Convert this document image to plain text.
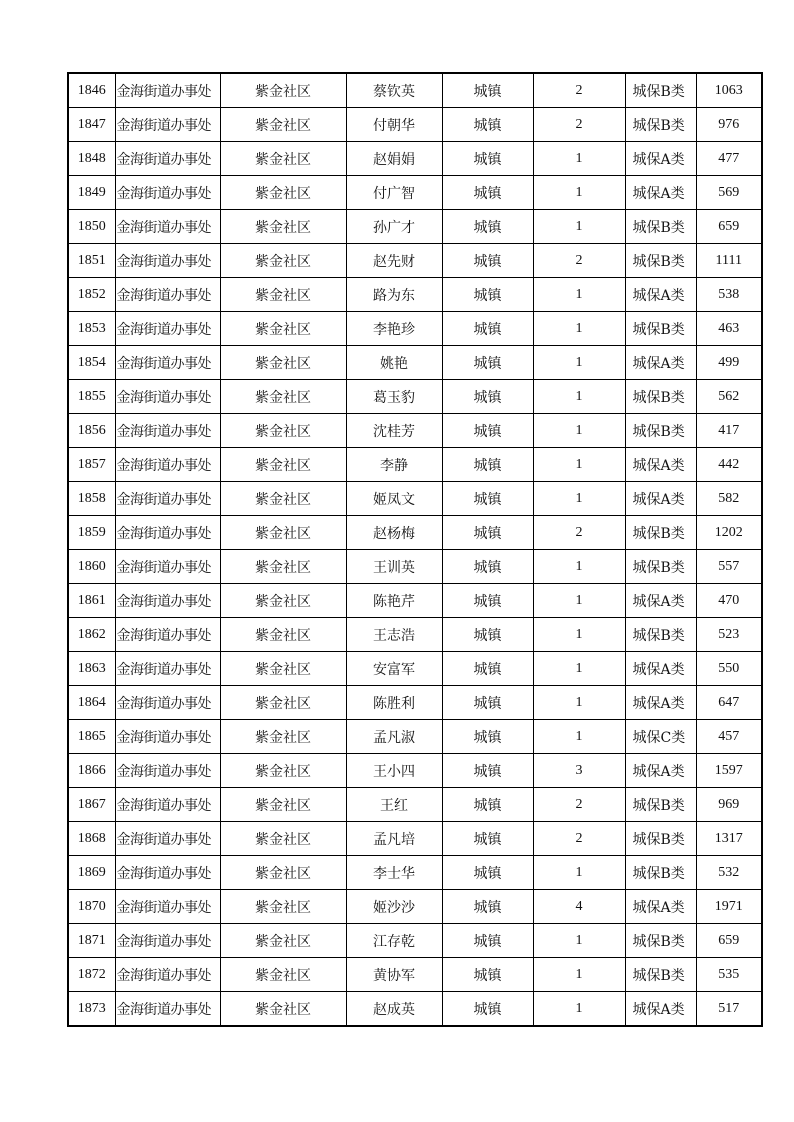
1846	金海街道办事处	紫金社区	蔡钦英	城镇	2	城保B类	1063
1847	金海街道办事处	紫金社区	付朝华	城镇	2	城保B类	976
1848	金海街道办事处	紫金社区	赵娟娟	城镇	1	城保A类	477
1849	金海街道办事处	紫金社区	付广智	城镇	1	城保A类	569
1850	金海街道办事处	紫金社区	孙广才	城镇	1	城保B类	659
1851	金海街道办事处	紫金社区	赵先财	城镇	2	城保B类	1111
1852	金海街道办事处	紫金社区	路为东	城镇	1	城保A类	538
1853	金海街道办事处	紫金社区	李艳珍	城镇	1	城保B类	463
1854	金海街道办事处	紫金社区	姚艳	城镇	1	城保A类	499
1855	金海街道办事处	紫金社区	葛玉豹	城镇	1	城保B类	562
1856	金海街道办事处	紫金社区	沈桂芳	城镇	1	城保B类	417
1857	金海街道办事处	紫金社区	李静	城镇	1	城保A类	442
1858	金海街道办事处	紫金社区	姬凤文	城镇	1	城保A类	582
1859	金海街道办事处	紫金社区	赵杨梅	城镇	2	城保B类	1202
1860	金海街道办事处	紫金社区	王训英	城镇	1	城保B类	557
1861	金海街道办事处	紫金社区	陈艳芹	城镇	1	城保A类	470
1862	金海街道办事处	紫金社区	王志浩	城镇	1	城保B类	523
1863	金海街道办事处	紫金社区	安富军	城镇	1	城保A类	550
1864	金海街道办事处	紫金社区	陈胜利	城镇	1	城保A类	647
1865	金海街道办事处	紫金社区	孟凡淑	城镇	1	城保C类	457
1866	金海街道办事处	紫金社区	王小四	城镇	3	城保A类	1597
1867	金海街道办事处	紫金社区	王红	城镇	2	城保B类	969
1868	金海街道办事处	紫金社区	孟凡培	城镇	2	城保B类	1317
1869	金海街道办事处	紫金社区	李士华	城镇	1	城保B类	532
1870	金海街道办事处	紫金社区	姬沙沙	城镇	4	城保A类	1971
1871	金海街道办事处	紫金社区	江存乾	城镇	1	城保B类	659
1872	金海街道办事处	紫金社区	黄协军	城镇	1	城保B类	535
1873	金海街道办事处	紫金社区	赵成英	城镇	1	城保A类	517
